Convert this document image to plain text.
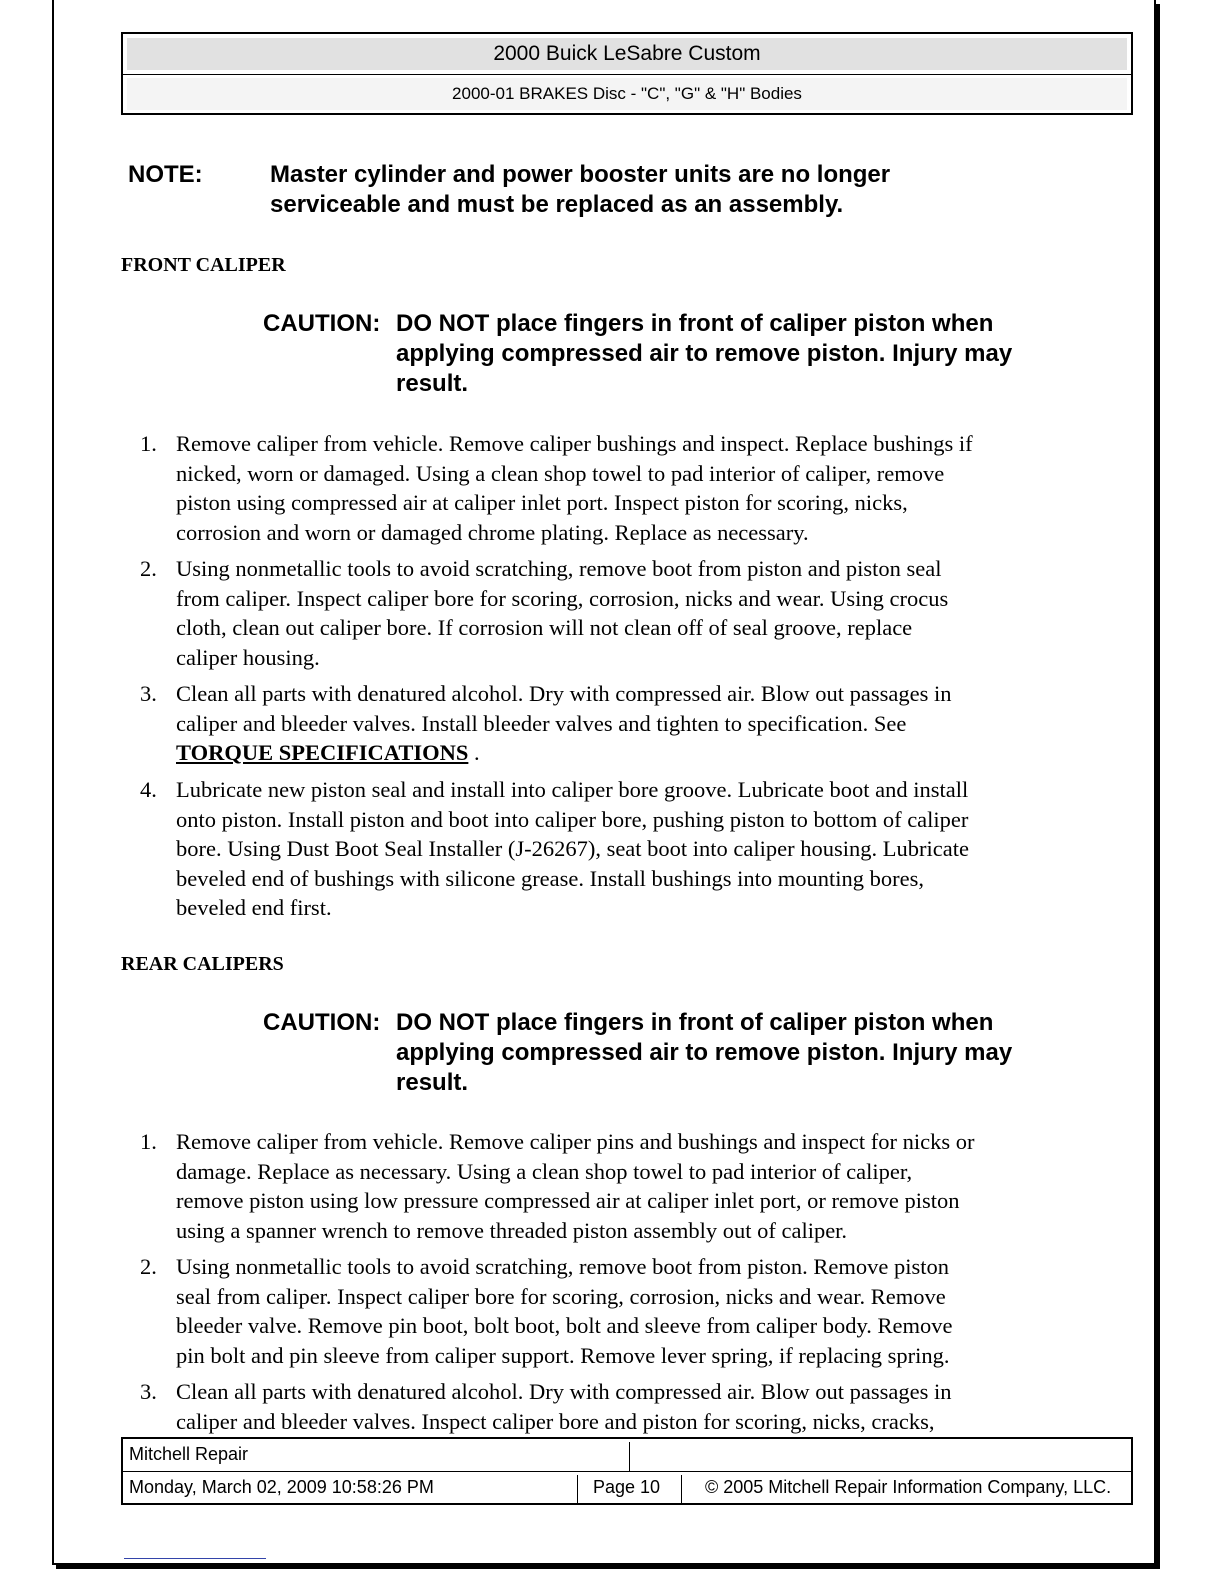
2000 Buick LeSabre Custom
2000-01 BRAKES Disc - "C", "G" & "H" Bodies
NOTE:	Master cylinder and power booster units are no longer
serviceable and must be replaced as an assembly.
FRONT CALIPER
CAUTION: DO NOT place fingers in front of caliper piston when
applying compressed air to remove piston. Injury may
result.
1. Remove caliper from vehicle. Remove caliper bushings and inspect. Replace bushings if
nicked, worn or damaged. Using a clean shop towel to pad interior of caliper, remove
piston using compressed air at caliper inlet port. Inspect piston for scoring, nicks,
corrosion and worn or damaged chrome plating. Replace as necessary.
2. Using nonmetallic tools to avoid scratching, remove boot from piston and piston seal
from caliper. Inspect caliper bore for scoring, corrosion, nicks and wear. Using crocus
cloth, clean out caliper bore. If corrosion will not clean off of seal groove, replace
caliper housing.
3. Clean all parts with denatured alcohol. Dry with compressed air. Blow out passages in
caliper and bleeder valves. Install bleeder valves and tighten to specification. See
TORQUE SPECIFICATIONS .
4. Lubricate new piston seal and install into caliper bore groove. Lubricate boot and install
onto piston. Install piston and boot into caliper bore, pushing piston to bottom of caliper
bore. Using Dust Boot Seal Installer (J-26267), seat boot into caliper housing. Lubricate
beveled end of bushings with silicone grease. Install bushings into mounting bores,
beveled end first.
REAR CALIPERS
CAUTION: DO NOT place fingers in front of caliper piston when
applying compressed air to remove piston. Injury may
result.
1. Remove caliper from vehicle. Remove caliper pins and bushings and inspect for nicks or
damage. Replace as necessary. Using a clean shop towel to pad interior of caliper,
remove piston using low pressure compressed air at caliper inlet port, or remove piston
using a spanner wrench to remove threaded piston assembly out of caliper.
2. Using nonmetallic tools to avoid scratching, remove boot from piston. Remove piston
seal from caliper. Inspect caliper bore for scoring, corrosion, nicks and wear. Remove
bleeder valve. Remove pin boot, bolt boot, bolt and sleeve from caliper body. Remove
pin bolt and pin sleeve from caliper support. Remove lever spring, if replacing spring.
3. Clean all parts with denatured alcohol. Dry with compressed air. Blow out passages in
caliper and bleeder valves. Inspect caliper bore and piston for scoring, nicks, cracks,
Mitchell Repair
Monday, March 02, 2009 10:58:26 PM	Page 10	© 2005 Mitchell Repair Information Company, LLC.
